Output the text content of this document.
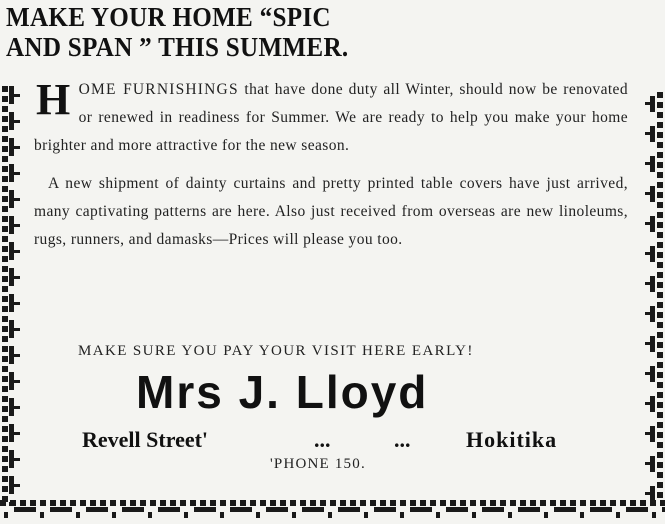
MAKE YOUR HOME “SPIC
AND SPAN ” THIS SUMMER.
HOME FURNISHINGS that have done duty all Winter, should now be renovated or renewed in readiness for Summer. We are ready to help you make your home brighter and more attractive for the new season.
A new shipment of dainty curtains and pretty printed table covers have just arrived, many captivating patterns are here. Also just received from overseas are new linoleums, rugs, runners, and damasks—Prices will please you too.
MAKE SURE YOU PAY YOUR VISIT HERE EARLY!
Mrs J. Lloyd
Revell Street'	...	...	Hokitika
'PHONE 150.
